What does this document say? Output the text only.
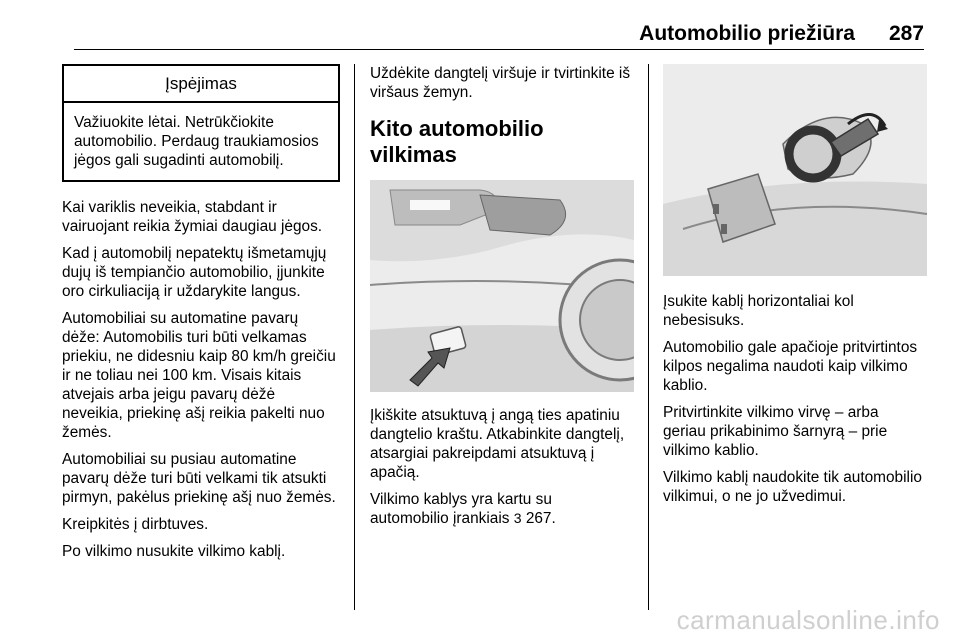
Automobilio priežiūra 287
Įspėjimas
Važiuokite lėtai. Netrūkčiokite automobilio. Perdaug traukiamosios jėgos gali sugadinti automobilį.

Kai variklis neveikia, stabdant ir vairuojant reikia žymiai daugiau jėgos.

Kad į automobilį nepatektų išmetamųjų dujų iš tempiančio automobilio, įjunkite oro cirkuliaciją ir uždarykite langus.

Automobiliai su automatine pavarų dėže: Automobilis turi būti velkamas priekiu, ne didesniu kaip 80 km/h greičiu ir ne toliau nei 100 km. Visais kitais atvejais arba jeigu pavarų dėžė neveikia, priekinę ašį reikia pakelti nuo žemės.

Automobiliai su pusiau automatine pavarų dėže turi būti velkami tik atsukti pirmyn, pakėlus priekinę ašį nuo žemės.

Kreipkitės į dirbtuves.

Po vilkimo nusukite vilkimo kablį.

Uždėkite dangtelį viršuje ir tvirtinkite iš viršaus žemyn.

Kito automobilio vilkimas

Įkiškite atsuktuvą į angą ties apatiniu dangtelio kraštu. Atkabinkite dangtelį, atsargiai pakreipdami atsuktuvą į apačią.

Vilkimo kablys yra kartu su automobilio įrankiais 3 267.

Įsukite kablį horizontaliai kol nebesisuks.

Automobilio gale apačioje pritvirtintos kilpos negalima naudoti kaip vilkimo kablio.

Pritvirtinkite vilkimo virvę – arba geriau prikabinimo šarnyrą – prie vilkimo kablio.

Vilkimo kablį naudokite tik automobilio vilkimui, o ne jo užvedimui.

carmanualsonline.info
